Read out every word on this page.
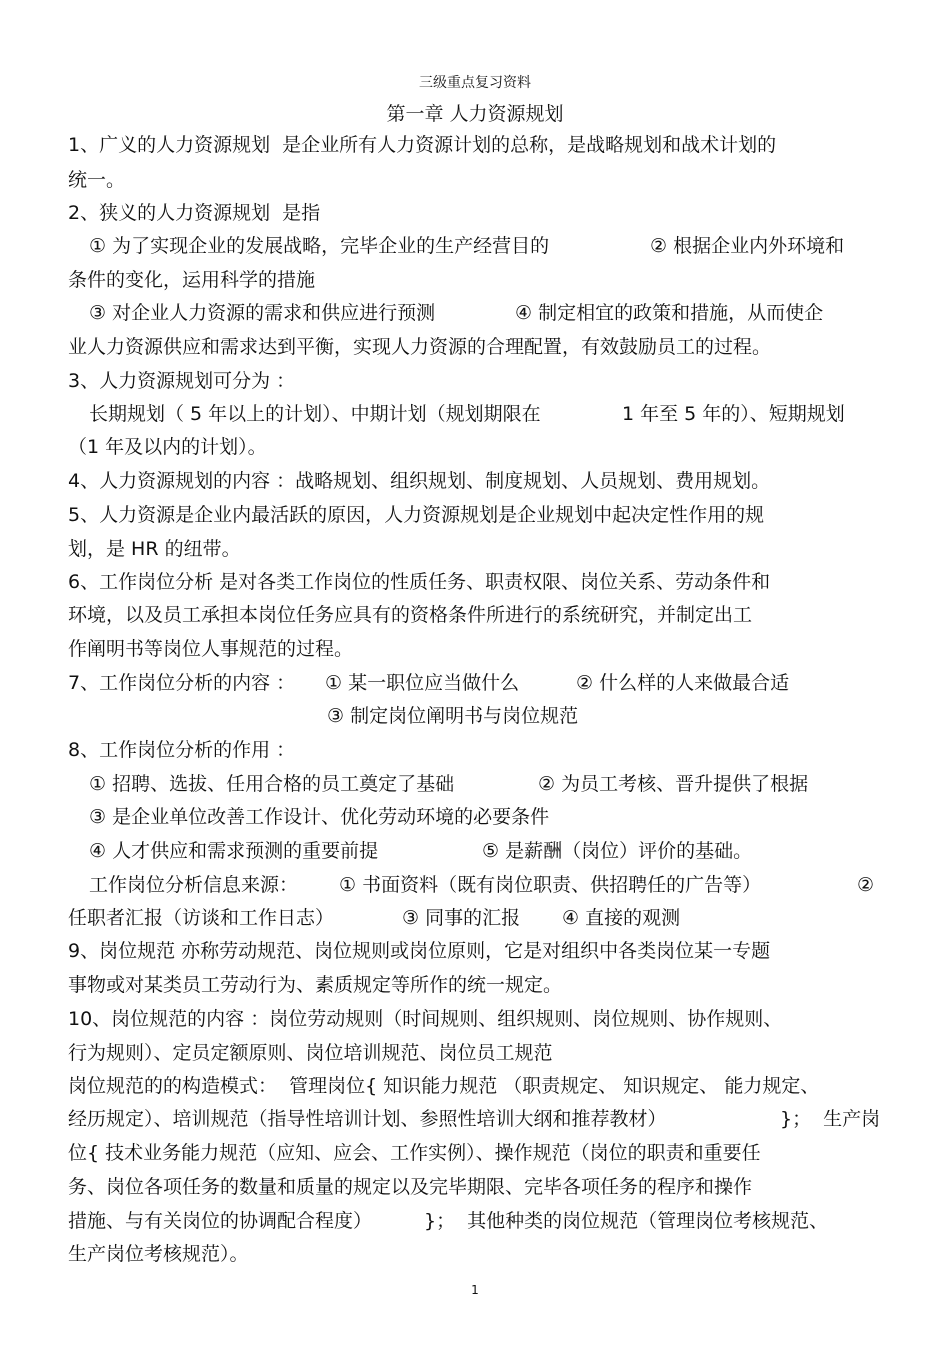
三级重点复习资料
第一章 人力资源规划
1、广义的人力资源规划  是企业所有人力资源计划的总称，是战略规划和战术计划的
统一。
2、狭义的人力资源规划  是指
① 为了实现企业的发展战略，完毕企业的生产经营目的	② 根据企业内外环境和
条件的变化，运用科学的措施
③ 对企业人力资源的需求和供应进行预测	④ 制定相宜的政策和措施，从而使企
业人力资源供应和需求达到平衡，实现人力资源的合理配置，有效鼓励员工的过程。
3、人力资源规划可分为 ：
长期规划（ 5 年以上的计划）、中期计划（规划期限在	1 年至 5 年的）、短期规划
（1 年及以内的计划）。
4、人力资源规划的内容 ：战略规划、组织规划、制度规划、人员规划、费用规划。
5、人力资源是企业内最活跃的原因，人力资源规划是企业规划中起决定性作用的规
划，是 HR 的纽带。
6、工作岗位分析 是对各类工作岗位的性质任务、职责权限、岗位关系、劳动条件和
环境，以及员工承担本岗位任务应具有的资格条件所进行的系统研究，并制定出工
作阐明书等岗位人事规范的过程。
7、工作岗位分析的内容 ： ① 某一职位应当做什么	② 什么样的人来做最合适
③ 制定岗位阐明书与岗位规范
8、工作岗位分析的作用 ：
① 招聘、选拔、任用合格的员工奠定了基础	② 为员工考核、晋升提供了根据
③ 是企业单位改善工作设计、优化劳动环境的必要条件
④ 人才供应和需求预测的重要前提	⑤ 是薪酬（岗位）评价的基础。
工作岗位分析信息来源： ① 书面资料（既有岗位职责、供招聘任的广告等）	②
任职者汇报（访谈和工作日志）	③ 同事的汇报 ④ 直接的观测
9、岗位规范 亦称劳动规范、岗位规则或岗位原则，它是对组织中各类岗位某一专题
事物或对某类员工劳动行为、素质规定等所作的统一规定。
10、岗位规范的内容 ：岗位劳动规则（时间规则、组织规则、岗位规则、协作规则、
行为规则）、定员定额原则、岗位培训规范、岗位员工规范
岗位规范的的构造模式：  管理岗位{ 知识能力规范 （职责规定、 知识规定、 能力规定、
经历规定）、培训规范（指导性培训计划、参照性培训大纲和推荐教材）	}；  生产岗
位{ 技术业务能力规范（应知、应会、工作实例）、操作规范（岗位的职责和重要任
务、岗位各项任务的数量和质量的规定以及完毕期限、完毕各项任务的程序和操作
措施、与有关岗位的协调配合程度）	}；  其他种类的岗位规范（管理岗位考核规范、
生产岗位考核规范）。
1
